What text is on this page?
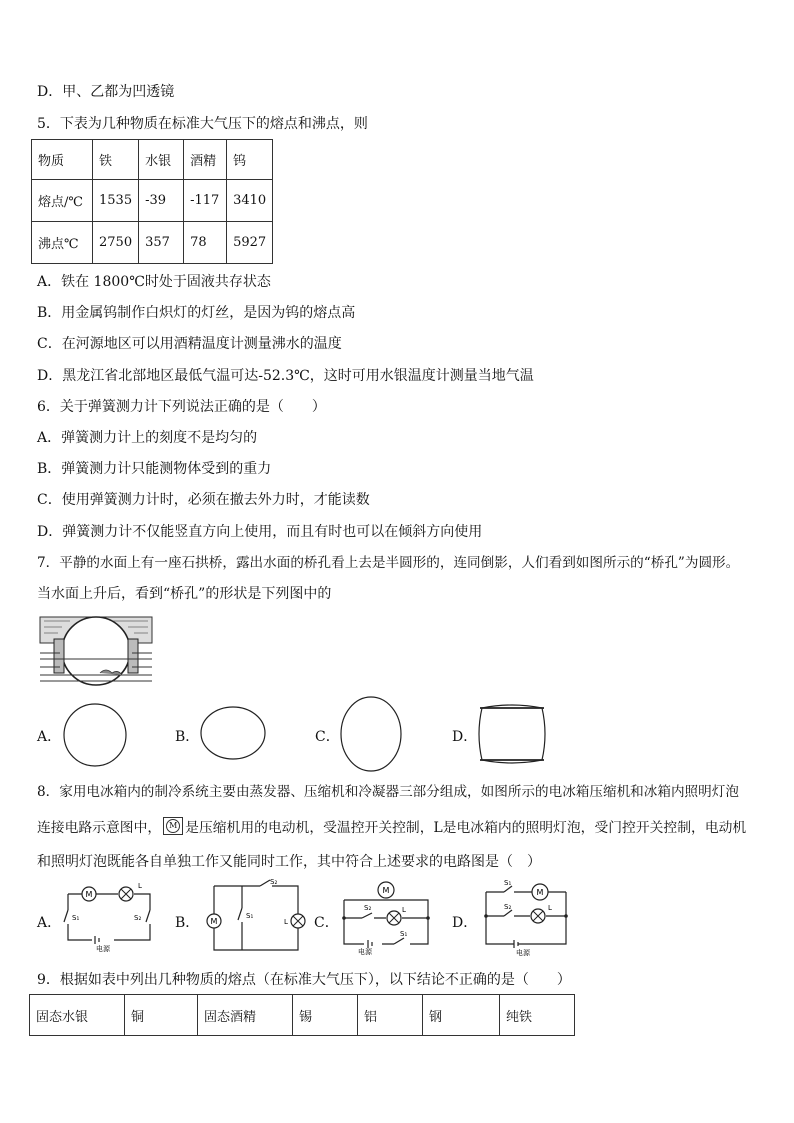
D．甲、乙都为凹透镜
5．下表为几种物质在标准大气压下的熔点和沸点，则
物质	铁	水银	酒精	钨
熔点/℃	1535	-39	-117	3410
沸点℃	2750	357	78	5927
A．铁在 1800℃时处于固液共存状态
B．用金属钨制作白炽灯的灯丝，是因为钨的熔点高
C．在河源地区可以用酒精温度计测量沸水的温度
D．黑龙江省北部地区最低气温可达-52.3℃，这时可用水银温度计测量当地气温
6．关于弹簧测力计下列说法正确的是（　　）
A．弹簧测力计上的刻度不是均匀的
B．弹簧测力计只能测物体受到的重力
C．使用弹簧测力计时，必须在撤去外力时，才能读数
D．弹簧测力计不仅能竖直方向上使用，而且有时也可以在倾斜方向使用
7．平静的水面上有一座石拱桥，露出水面的桥孔看上去是半圆形的，连同倒影，人们看到如图所示的“桥孔”为圆形。
当水面上升后，看到“桥孔”的形状是下列图中的
A．	B．	C．	D．
8．家用电冰箱内的制冷系统主要由蒸发器、压缩机和冷凝器三部分组成，如图所示的电冰箱压缩机和冰箱内照明灯泡
连接电路示意图中， M 是压缩机用的电动机，受温控开关控制，L是电冰箱内的照明灯泡，受门控开关控制，电动机
和照明灯泡既能各自单独工作又能同时工作，其中符合上述要求的电路图是（　）
A．
M
L
S₁	S₂
电源
B．
S₂
M
S₁
L C．
M
S₂	L
电源
S₁
D．
S₁
M
S₂	L
电源
9．根据如表中列出几种物质的熔点（在标准大气压下），以下结论不正确的是（　　）
固态水银	铜	固态酒精	锡	铝	钢	纯铁
